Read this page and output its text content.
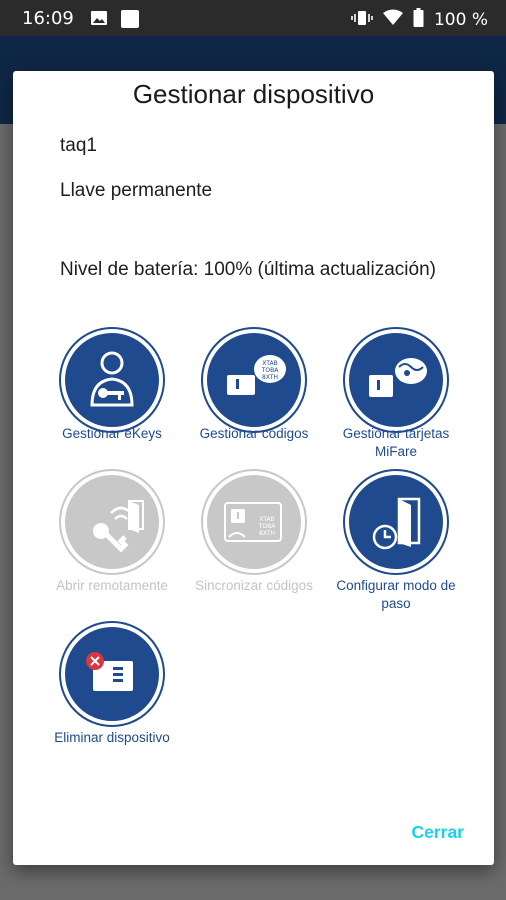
16:09	100 %
Gestionar dispositivo
taq1
Llave permanente
Nivel de batería: 100% (última actualización)
Gestionar eKeys
XTAB
TOBA
8XTH
Gestionar códigos	Gestionar tarjetas MiFare
Abrir remotamente
XTAB
TOBA
8XTH
Sincronizar códigos	Configurar modo de paso
Eliminar dispositivo
Cerrar
